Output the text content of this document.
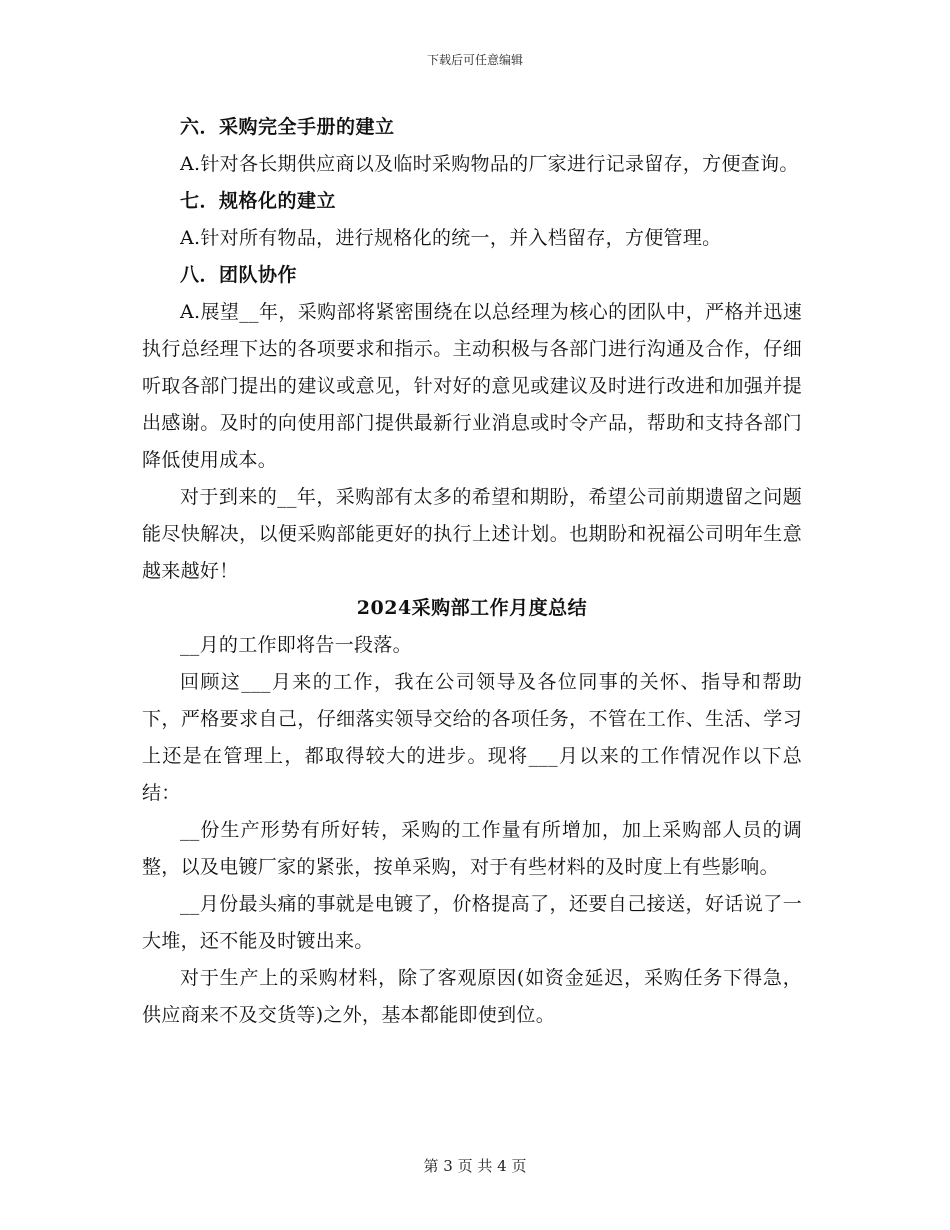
下载后可任意编辑
六．采购完全手册的建立

A.针对各长期供应商以及临时采购物品的厂家进行记录留存，方便查询。

七．规格化的建立

A.针对所有物品，进行规格化的统一，并入档留存，方便管理。

八．团队协作

A.展望__年，采购部将紧密围绕在以总经理为核心的团队中，严格并迅速执行总经理下达的各项要求和指示。主动积极与各部门进行沟通及合作，仔细听取各部门提出的建议或意见，针对好的意见或建议及时进行改进和加强并提出感谢。及时的向使用部门提供最新行业消息或时令产品，帮助和支持各部门降低使用成本。

对于到来的__年，采购部有太多的希望和期盼，希望公司前期遗留之问题能尽快解决，以便采购部能更好的执行上述计划。也期盼和祝福公司明年生意越来越好！

2024采购部工作月度总结

__月的工作即将告一段落。

回顾这___月来的工作，我在公司领导及各位同事的关怀、指导和帮助下，严格要求自己，仔细落实领导交给的各项任务，不管在工作、生活、学习上还是在管理上，都取得较大的进步。现将___月以来的工作情况作以下总结：

__份生产形势有所好转，采购的工作量有所增加，加上采购部人员的调整，以及电镀厂家的紧张，按单采购，对于有些材料的及时度上有些影响。

__月份最头痛的事就是电镀了，价格提高了，还要自己接送，好话说了一大堆，还不能及时镀出来。

对于生产上的采购材料，除了客观原因(如资金延迟，采购任务下得急，供应商来不及交货等)之外，基本都能即使到位。

第 3 页 共 4 页
